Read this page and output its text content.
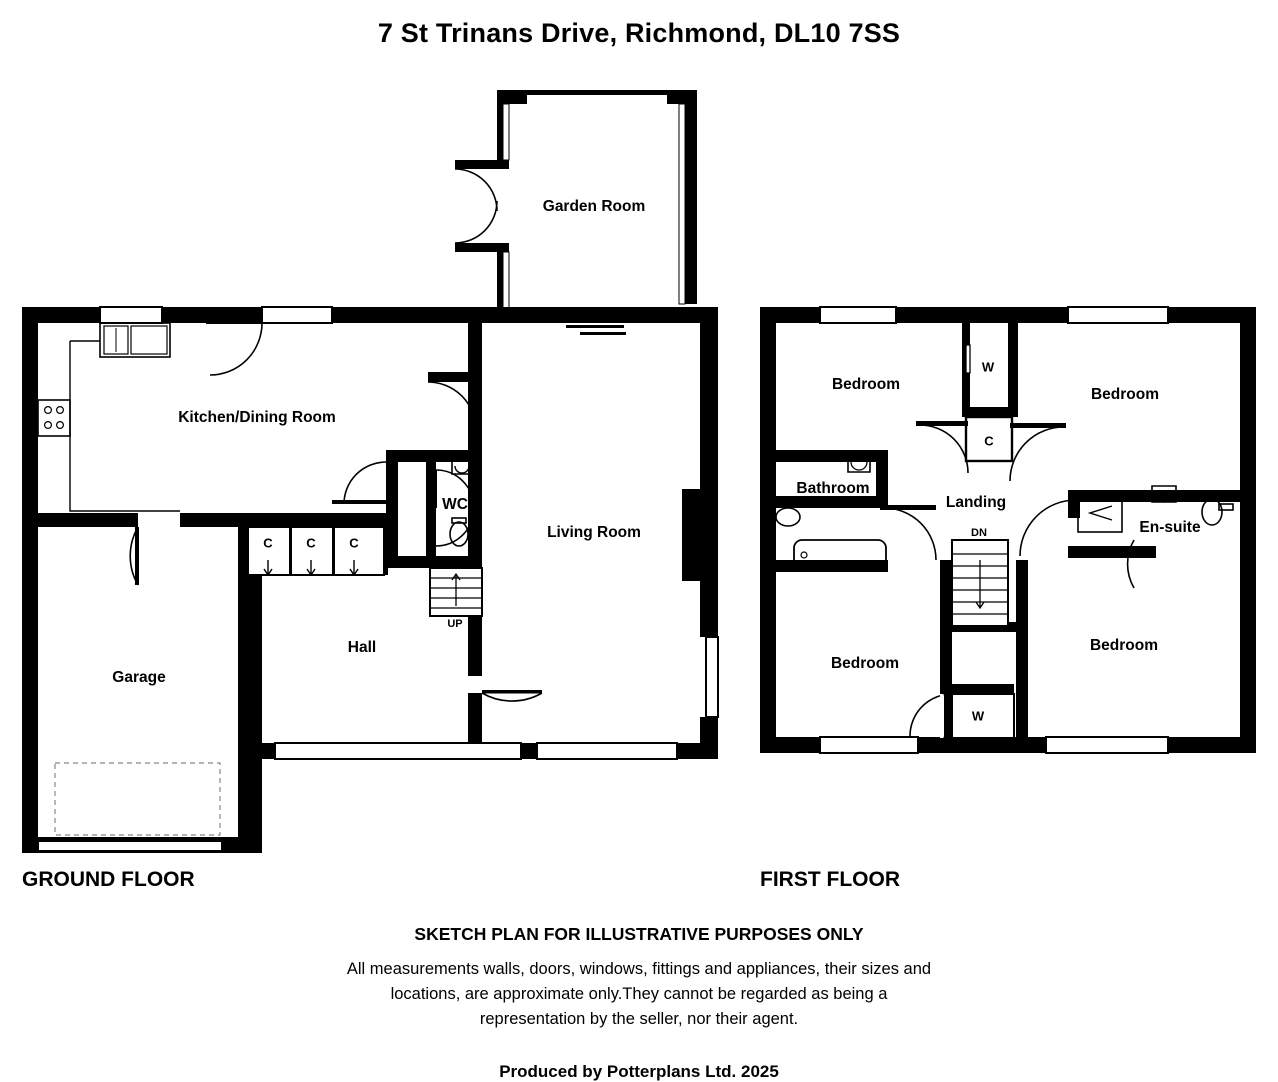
7 St Trinans Drive, Richmond, DL10 7SS
Garden Room
Kitchen/Dining Room
WC
Living Room
Hall
Garage
C	C	C
UP
Bedroom
Bedroom
Bathroom
Landing
En-suite
Bedroom
Bedroom
W
C
W
DN
GROUND FLOOR	FIRST FLOOR
SKETCH PLAN FOR ILLUSTRATIVE PURPOSES ONLY
All measurements walls, doors, windows, fittings and appliances, their sizes and
locations, are approximate only.They cannot be regarded as being a
representation by the seller, nor their agent.
Produced by Potterplans Ltd. 2025
